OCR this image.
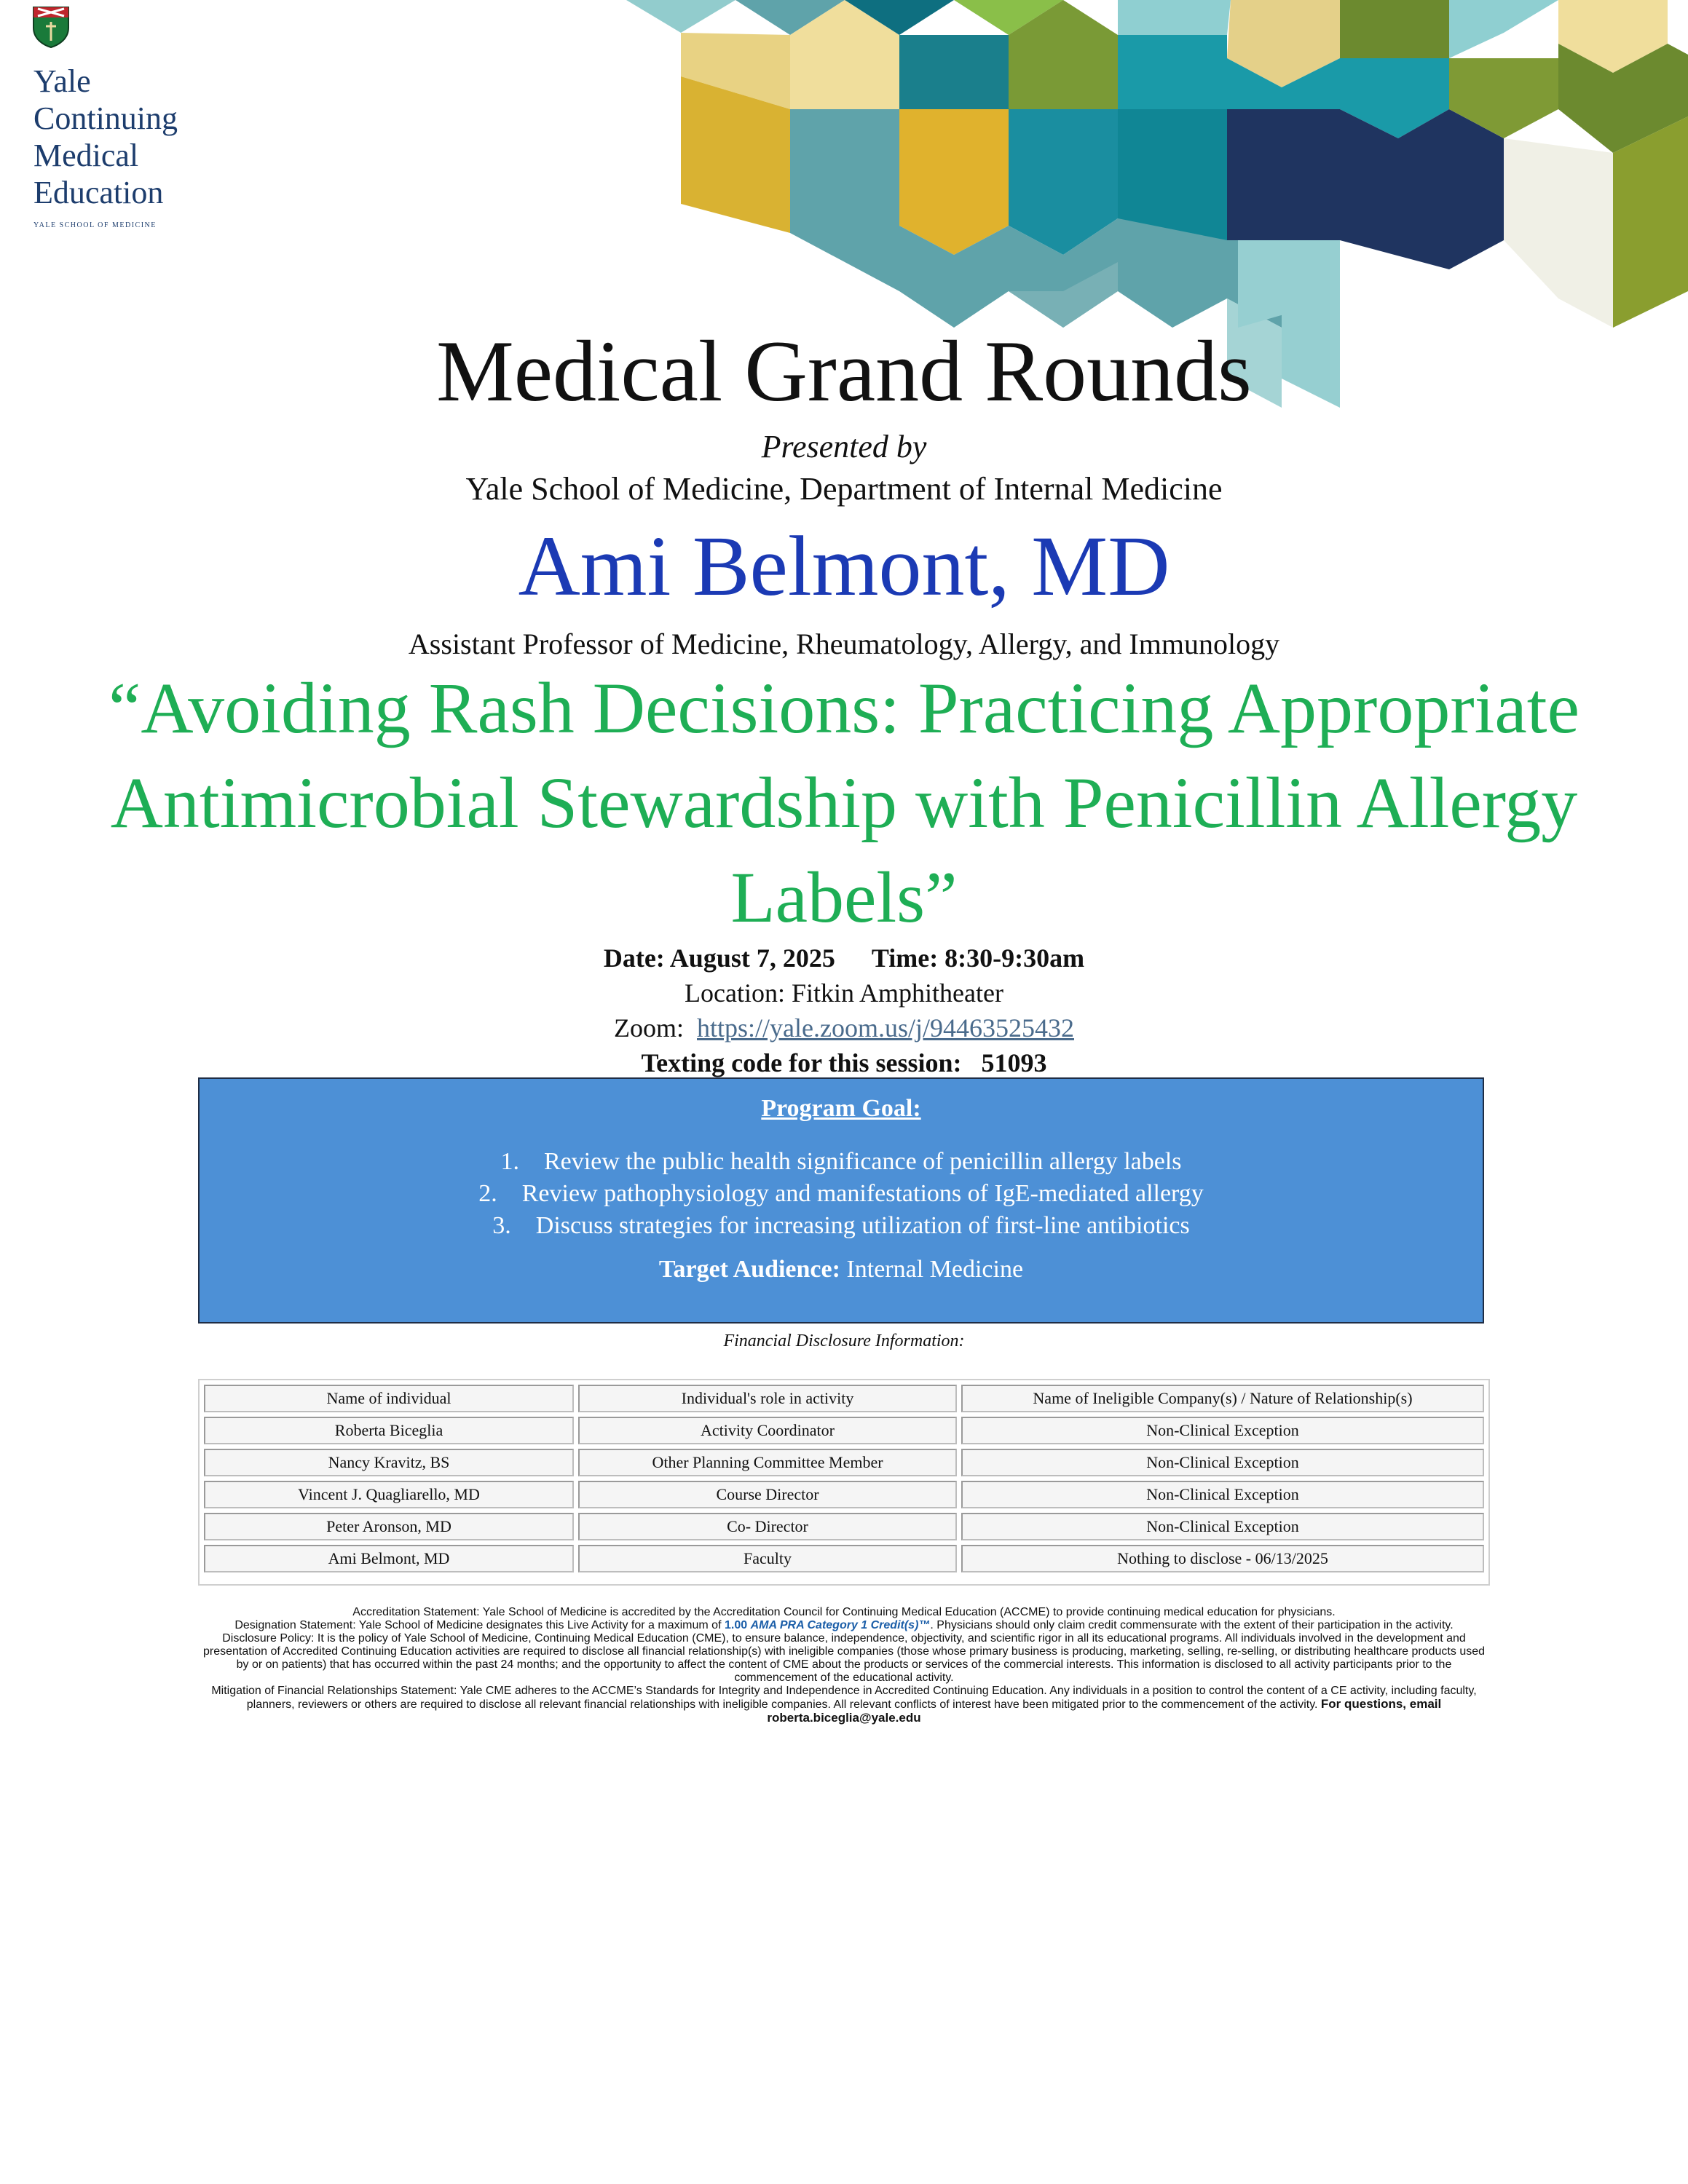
Yale
Continuing
Medical
Education
YALE SCHOOL OF MEDICINE
Medical Grand Rounds
Presented by
Yale School of Medicine, Department of Internal Medicine
Ami Belmont, MD
Assistant Professor of Medicine, Rheumatology, Allergy, and Immunology
“Avoiding Rash Decisions: Practicing Appropriate Antimicrobial Stewardship with Penicillin Allergy Labels”
Date: August 7, 2025 Time: 8:30-9:30am
Location: Fitkin Amphitheater
Zoom: https://yale.zoom.us/j/94463525432
Texting code for this session: 51093
Program Goal:
1. Review the public health significance of penicillin allergy labels
2. Review pathophysiology and manifestations of IgE-mediated allergy
3. Discuss strategies for increasing utilization of first-line antibiotics
Target Audience: Internal Medicine
Financial Disclosure Information:
Name of individual	Individual's role in activity	Name of Ineligible Company(s) / Nature of Relationship(s)
Roberta Biceglia	Activity Coordinator	Non-Clinical Exception
Nancy Kravitz, BS	Other Planning Committee Member	Non-Clinical Exception
Vincent J. Quagliarello, MD	Course Director	Non-Clinical Exception
Peter Aronson, MD	Co- Director	Non-Clinical Exception
Ami Belmont, MD	Faculty	Nothing to disclose - 06/13/2025
Accreditation Statement: Yale School of Medicine is accredited by the Accreditation Council for Continuing Medical Education (ACCME) to provide continuing medical education for physicians.
Designation Statement: Yale School of Medicine designates this Live Activity for a maximum of 1.00 AMA PRA Category 1 Credit(s)™. Physicians should only claim credit commensurate with the extent of their participation in the activity.
Disclosure Policy: It is the policy of Yale School of Medicine, Continuing Medical Education (CME), to ensure balance, independence, objectivity, and scientific rigor in all its educational programs. All individuals involved in the development and presentation of Accredited Continuing Education activities are required to disclose all financial relationship(s) with ineligible companies (those whose primary business is producing, marketing, selling, re-selling, or distributing healthcare products used by or on patients) that has occurred within the past 24 months; and the opportunity to affect the content of CME about the products or services of the commercial interests. This information is disclosed to all activity participants prior to the commencement of the educational activity.
Mitigation of Financial Relationships Statement: Yale CME adheres to the ACCME’s Standards for Integrity and Independence in Accredited Continuing Education. Any individuals in a position to control the content of a CE activity, including faculty, planners, reviewers or others are required to disclose all relevant financial relationships with ineligible companies. All relevant conflicts of interest have been mitigated prior to the commencement of the activity. For questions, email roberta.biceglia@yale.edu
